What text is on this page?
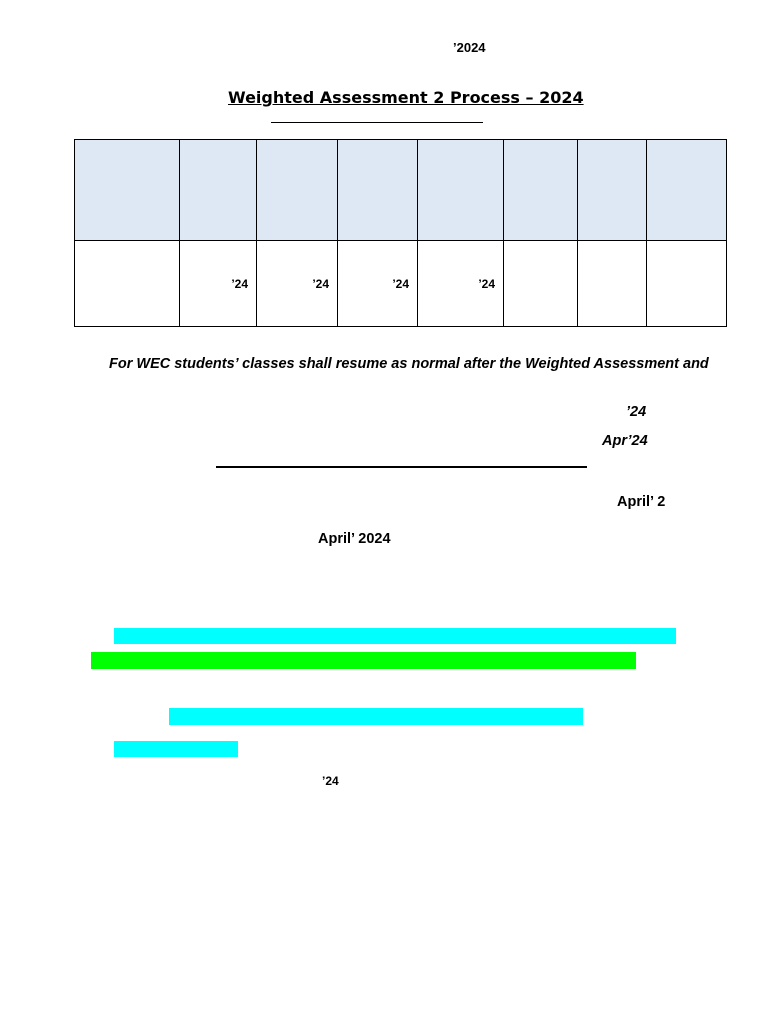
’2024
Weighted Assessment 2 Process – 2024

	’24	’24	’24	’24			
For WEC students’ classes shall resume as normal after the Weighted Assessment and
’24
Apr’24
April’ 2
April’ 2024
’24
